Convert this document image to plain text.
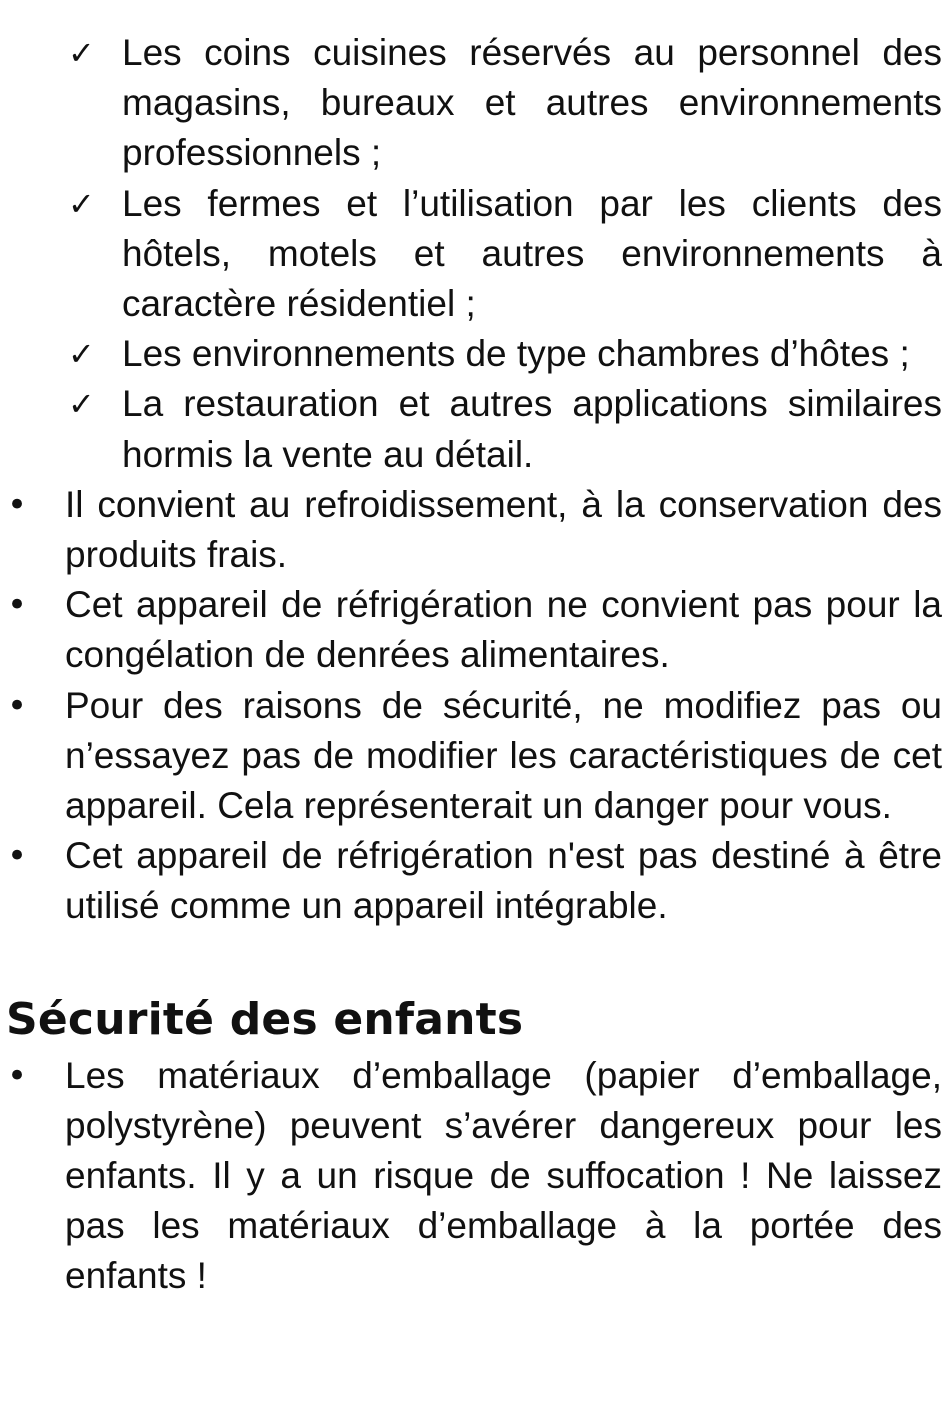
✓ Les coins cuisines réservés au personnel des magasins, bureaux et autres environnements professionnels ;
✓ Les fermes et l’utilisation par les clients des hôtels, motels et autres environnements à caractère résidentiel ;
✓ Les environnements de type chambres d’hôtes ;
✓ La restauration et autres applications similaires hormis la vente au détail.
• Il convient au refroidissement, à la conservation des produits frais.
• Cet appareil de réfrigération ne convient pas pour la congélation de denrées alimentaires.
• Pour des raisons de sécurité, ne modifiez pas ou n’essayez pas de modifier les caractéristiques de cet appareil. Cela représenterait un danger pour vous.
• Cet appareil de réfrigération n'est pas destiné à être utilisé comme un appareil intégrable.
Sécurité des enfants
• Les matériaux d’emballage (papier d’emballage, polystyrène) peuvent s’avérer dangereux pour les enfants. Il y a un risque de suffocation ! Ne laissez pas les matériaux d’emballage à la portée des enfants !
